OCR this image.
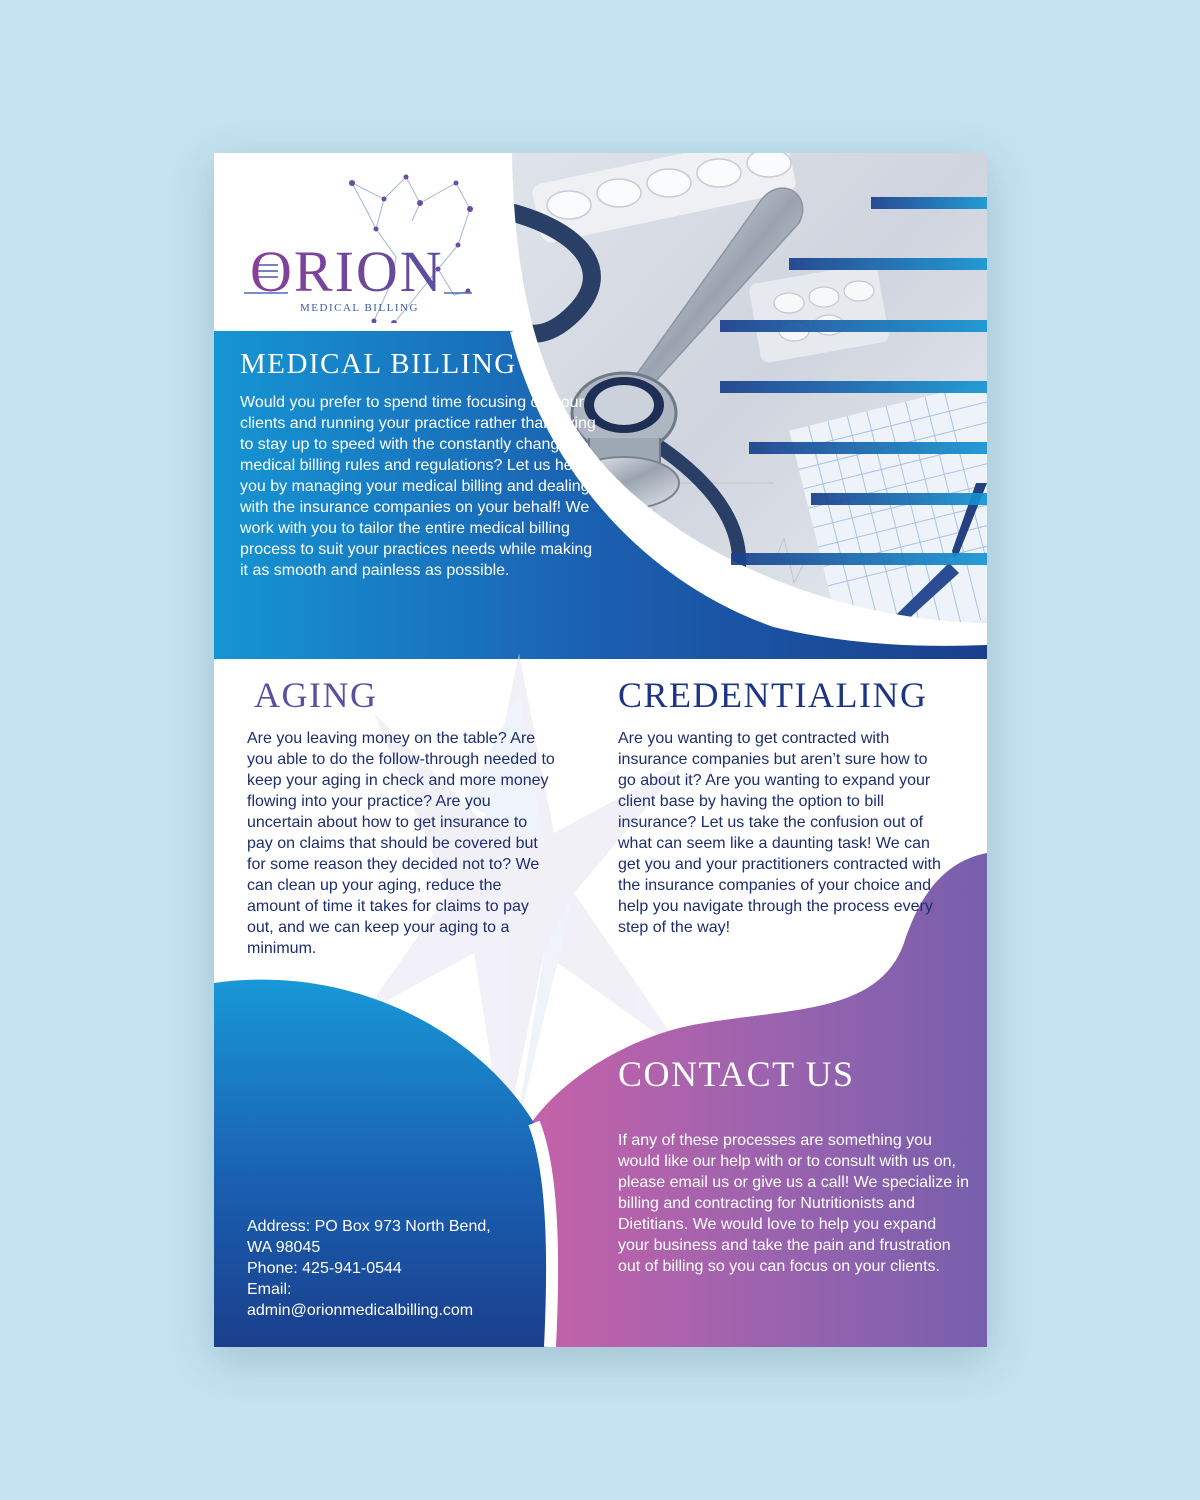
ORION
MEDICAL BILLING
MEDICAL BILLING
Would you prefer to spend time focusing on your clients and running your practice rather than trying to stay up to speed with the constantly changing medical billing rules and regulations? Let us help you by managing your medical billing and dealing with the insurance companies on your behalf! We work with you to tailor the entire medical billing process to suit your practices needs while making it as smooth and painless as possible.
AGING
Are you leaving money on the table? Are you able to do the follow-through needed to keep your aging in check and more money flowing into your practice? Are you uncertain about how to get insurance to pay on claims that should be covered but for some reason they decided not to? We can clean up your aging, reduce the amount of time it takes for claims to pay out, and we can keep your aging to a minimum.
CREDENTIALING
Are you wanting to get contracted with insurance companies but aren’t sure how to go about it? Are you wanting to expand your client base by having the option to bill insurance? Let us take the confusion out of what can seem like a daunting task! We can get you and your practitioners contracted with the insurance companies of your choice and help you navigate through the process every step of the way!
CONTACT US
If any of these processes are something you would like our help with or to consult with us on, please email us or give us a call! We specialize in billing and contracting for Nutritionists and Dietitians. We would love to help you expand your business and take the pain and frustration out of billing so you can focus on your clients.
Address: PO Box 973 North Bend,
WA 98045
Phone: 425-941-0544
Email:
admin@orionmedicalbilling.com
